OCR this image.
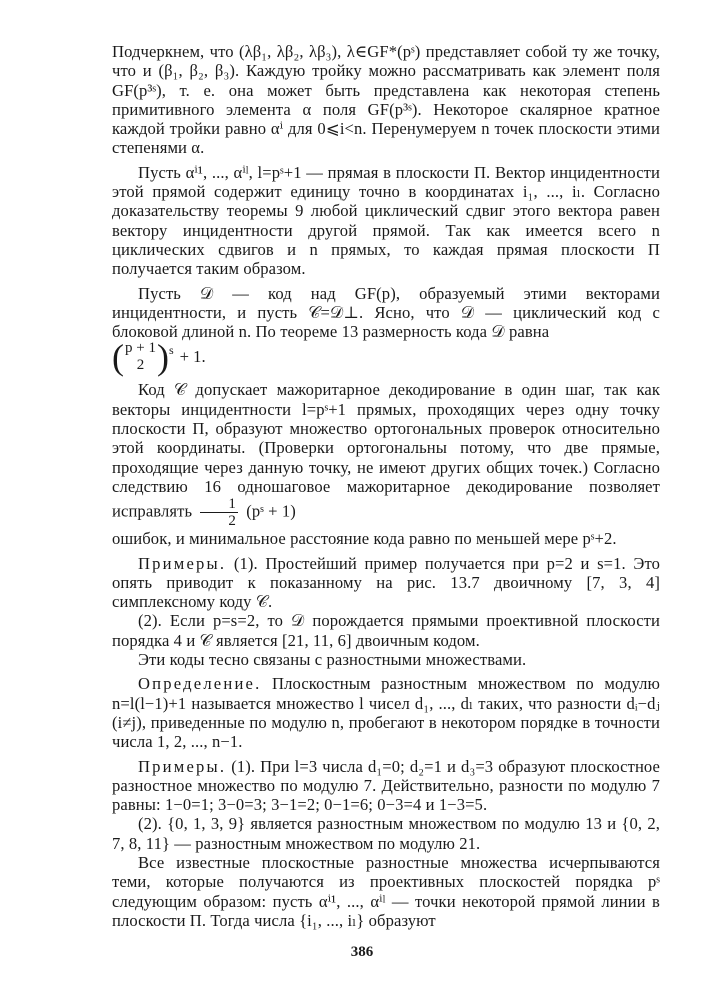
Подчеркнем, что (λβ₁, λβ₂, λβ₃), λ∈GF*(pˢ) представляет собой ту же точку, что и (β₁, β₂, β₃). Каждую тройку можно рассматривать как элемент поля GF(p³ˢ), т. е. она может быть представлена как некоторая степень примитивного элемента α поля GF(p³ˢ). Некоторое скалярное кратное каждой тройки равно αⁱ для 0⩽i<n. Перенумеруем n точек плоскости этими степенями α.

Пусть αⁱ¹, ..., αⁱˡ, l=pˢ+1 — прямая в плоскости Π. Вектор инцидентности этой прямой содержит единицу точно в координатах i₁, ..., iₗ. Согласно доказательству теоремы 9 любой циклический сдвиг этого вектора равен вектору инцидентности другой прямой. Так как имеется всего n циклических сдвигов и n прямых, то каждая прямая плоскости Π получается таким образом.

Пусть 𝒟 — код над GF(p), образуемый этими векторами инцидентности, и пусть 𝒞=𝒟⊥. Ясно, что 𝒟 — циклический код с блоковой длиной n. По теореме 13 размерность кода 𝒟 равна

( p + 1
2 )$^s$ + 1.

Код 𝒞 допускает мажоритарное декодирование в один шаг, так как векторы инцидентности l=pˢ+1 прямых, проходящих через одну точку плоскости Π, образуют множество ортогональных проверок относительно этой координаты. (Проверки ортогональны потому, что две прямые, проходящие через данную точку, не имеют других общих точек.) Согласно следствию 16 одношаговое мажоритарное декодирование позволяет исправлять $\frac{1}{2}$ (pˢ + 1)

ошибок, и минимальное расстояние кода равно по меньшей мере pˢ+2.

Примеры. (1). Простейший пример получается при p=2 и s=1. Это опять приводит к показанному на рис. 13.7 двоичному [7, 3, 4] симплексному коду 𝒞.

(2). Если p=s=2, то 𝒟 порождается прямыми проективной плоскости порядка 4 и 𝒞 является [21, 11, 6] двоичным кодом.

Эти коды тесно связаны с разностными множествами.

Определение. Плоскостным разностным множеством по модулю n=l(l−1)+1 называется множество l чисел d₁, ..., dₗ таких, что разности dᵢ−dⱼ (i≠j), приведенные по модулю n, пробегают в некотором порядке в точности числа 1, 2, ..., n−1.

Примеры. (1). При l=3 числа d₁=0; d₂=1 и d₃=3 образуют плоскостное разностное множество по модулю 7. Действительно, разности по модулю 7 равны: 1−0=1; 3−0=3; 3−1=2; 0−1=6; 0−3=4 и 1−3=5.

(2). {0, 1, 3, 9} является разностным множеством по модулю 13 и {0, 2, 7, 8, 11} — разностным множеством по модулю 21.

Все известные плоскостные разностные множества исчерпываются теми, которые получаются из проективных плоскостей порядка pˢ следующим образом: пусть αⁱ¹, ..., αⁱˡ — точки некоторой прямой линии в плоскости Π. Тогда числа {i₁, ..., iₗ} образуют

386
